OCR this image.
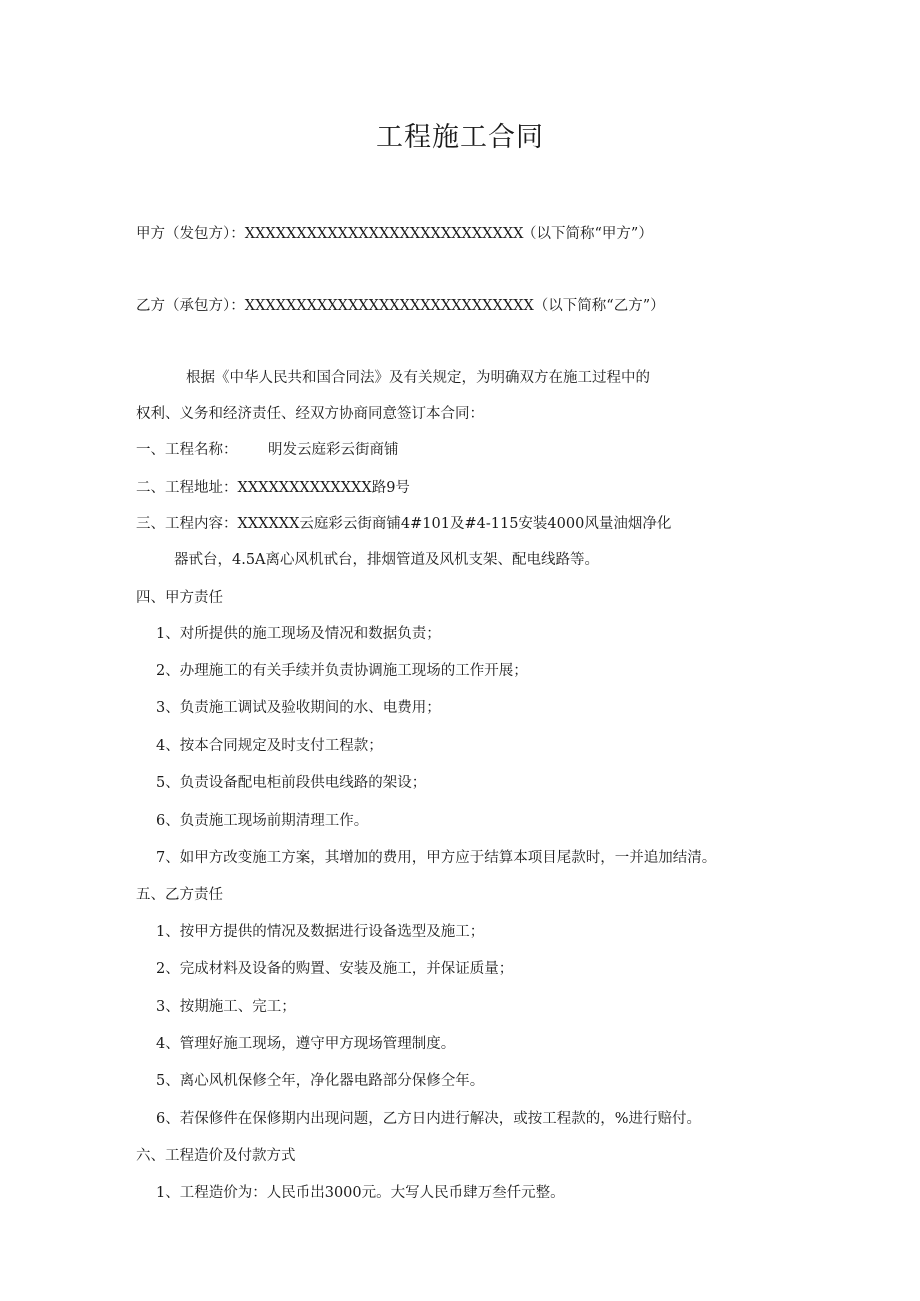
工程施工合同
甲方（发包方）：XXXXXXXXXXXXXXXXXXXXXXXXXXX
（以下简称“甲方”）
乙方（承包方）：XXXXXXXXXXXXXXXXXXXXXXXXXXXX（以下简称“乙方”）
根据《中华人民共和国合同法》及有关规定，为明确双方在施工过程中的
权利、义务和经济责任、经双方协商同意签订本合同：
一、工程名称： 明发云庭彩云街商铺
二、工程地址：XXXXXXXXXXXXX路9号
三、工程内容：XXXXXX云庭彩云街商铺4#101及#4-115安装4000风量油烟净化
器甙台，4.5A离心风机甙台，排烟管道及风机支架、配电线路等。
四、甲方责任
1、对所提供的施工现场及情况和数据负责；
2、办理施工的有关手续并负责协调施工现场的工作开展；
3、负责施工调试及验收期间的水、电费用；
4、按本合同规定及时支付工程款；
5、负责设备配电柜前段供电线路的架设；
6、负责施工现场前期清理工作。
7、如甲方改变施工方案，其增加的费用，甲方应于结算本项目尾款时，一并追加结清。
五、乙方责任
1、按甲方提供的情况及数据进行设备选型及施工；
2、完成材料及设备的购置、安装及施工，并保证质量；
3、按期施工、完工；
4、管理好施工现场，遵守甲方现场管理制度。
5、离心风机保修仝年，净化器电路部分保修仝年。
6、若保修件在保修期内出现问题，乙方日内进行解决，或按工程款的，%进行赔付。
六、工程造价及付款方式
1、工程造价为：人民币岀3000元。大写人民币肆万叁仟元整。
